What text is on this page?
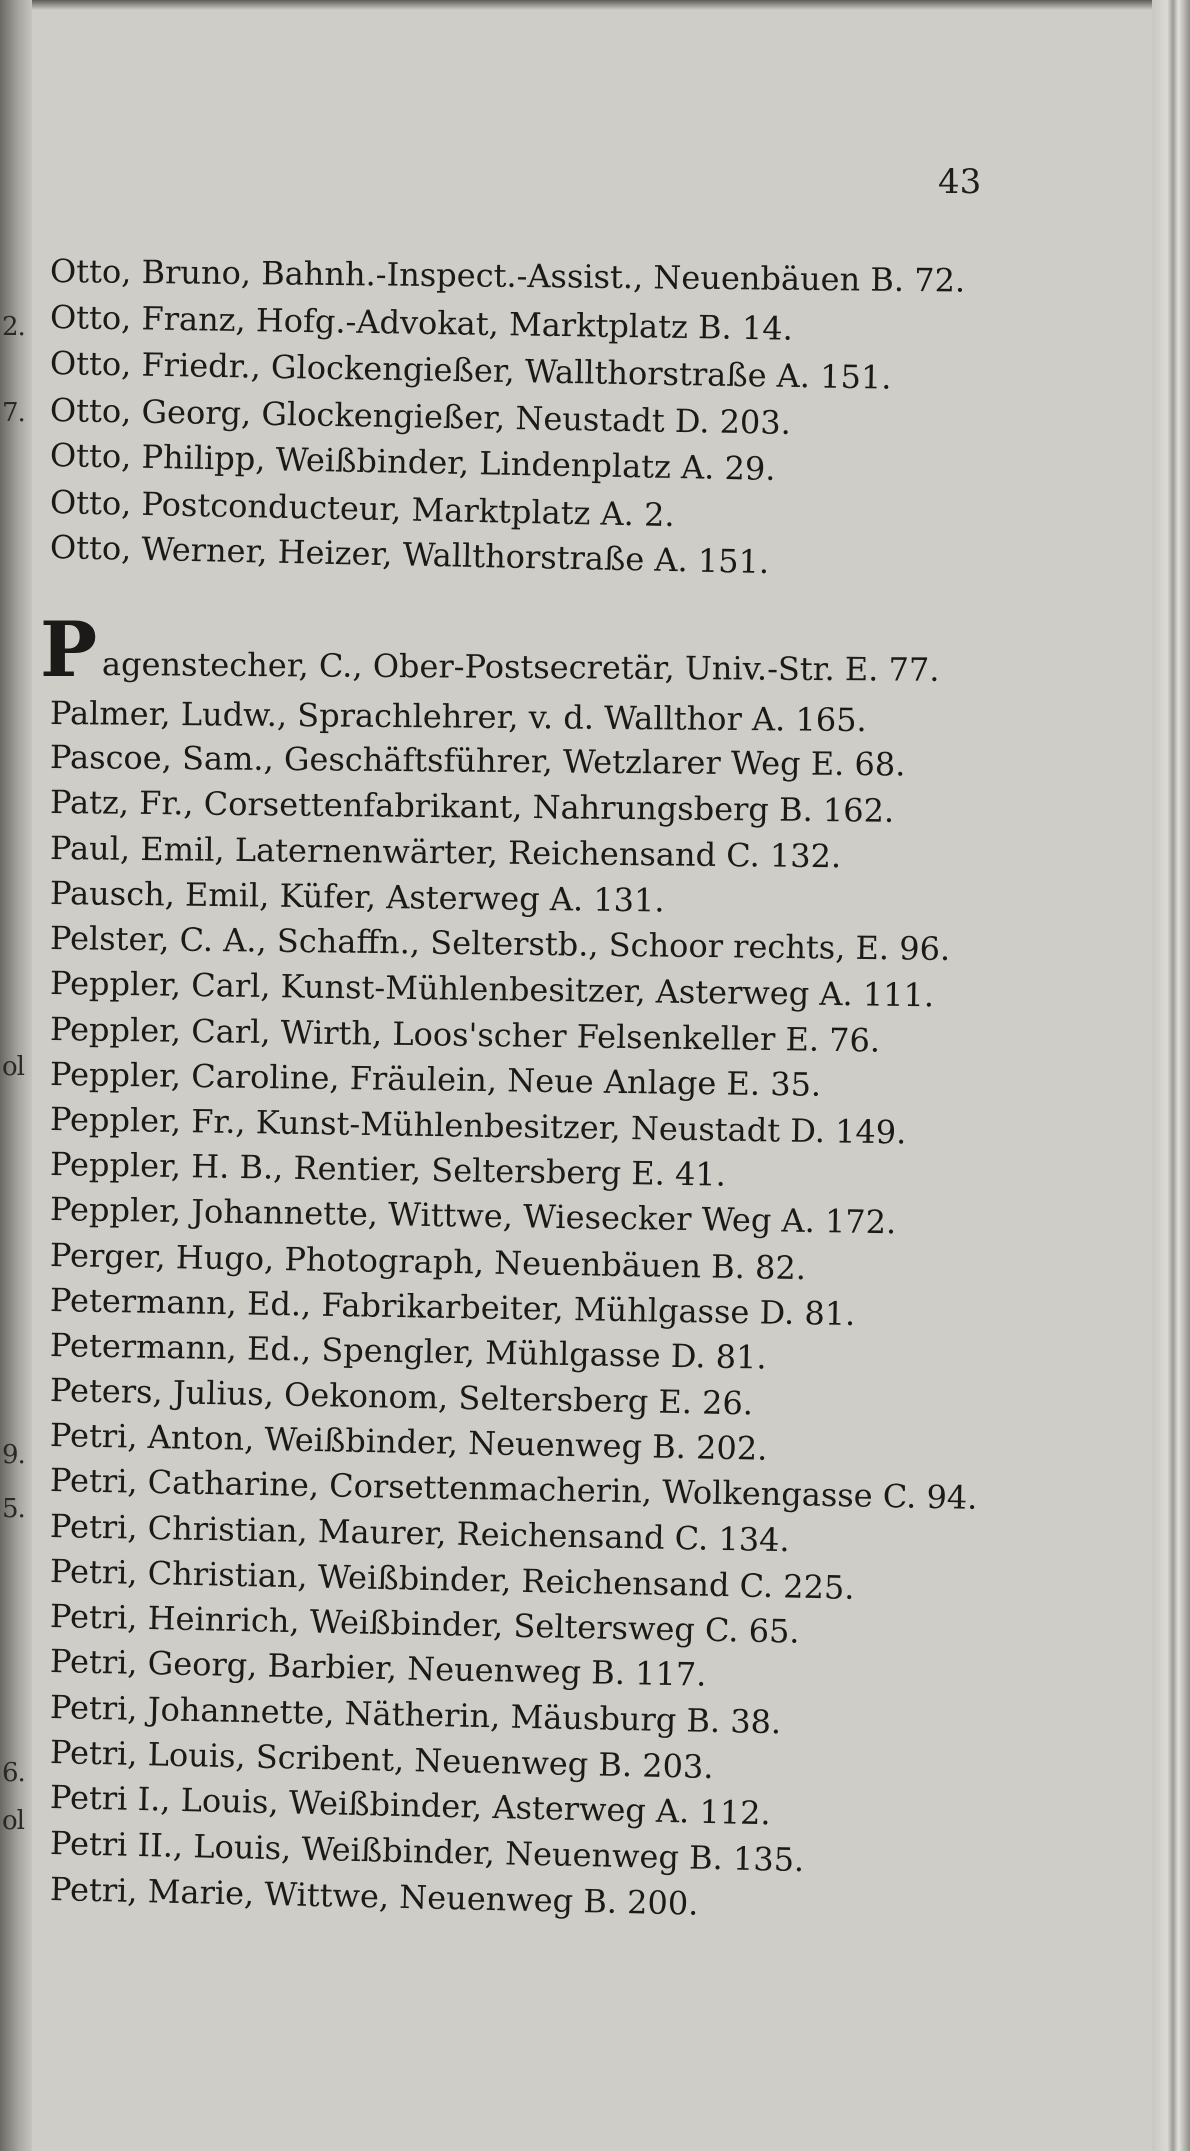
2.
7.
ol
9.
5.
6.
ol
43
Otto, Bruno, Bahnh.-Inspect.-Assist., Neuenbäuen B. 72.
Otto, Franz, Hofg.-Advokat, Marktplatz B. 14.
Otto, Friedr., Glockengießer, Wallthorstraße A. 151.
Otto, Georg, Glockengießer, Neustadt D. 203.
Otto, Philipp, Weißbinder, Lindenplatz A. 29.
Otto, Postconducteur, Marktplatz A. 2.
Otto, Werner, Heizer, Wallthorstraße A. 151.
P agenstecher, C., Ober-Postsecretär, Univ.-Str. E. 77.
Palmer, Ludw., Sprachlehrer, v. d. Wallthor A. 165.
Pascoe, Sam., Geschäftsführer, Wetzlarer Weg E. 68.
Patz, Fr., Corsettenfabrikant, Nahrungsberg B. 162.
Paul, Emil, Laternenwärter, Reichensand C. 132.
Pausch, Emil, Küfer, Asterweg A. 131.
Pelster, C. A., Schaffn., Selterstb., Schoor rechts, E. 96.
Peppler, Carl, Kunst-Mühlenbesitzer, Asterweg A. 111.
Peppler, Carl, Wirth, Loos'scher Felsenkeller E. 76.
Peppler, Caroline, Fräulein, Neue Anlage E. 35.
Peppler, Fr., Kunst-Mühlenbesitzer, Neustadt D. 149.
Peppler, H. B., Rentier, Seltersberg E. 41.
Peppler, Johannette, Wittwe, Wiesecker Weg A. 172.
Perger, Hugo, Photograph, Neuenbäuen B. 82.
Petermann, Ed., Fabrikarbeiter, Mühlgasse D. 81.
Petermann, Ed., Spengler, Mühlgasse D. 81.
Peters, Julius, Oekonom, Seltersberg E. 26.
Petri, Anton, Weißbinder, Neuenweg B. 202.
Petri, Catharine, Corsettenmacherin, Wolkengasse C. 94.
Petri, Christian, Maurer, Reichensand C. 134.
Petri, Christian, Weißbinder, Reichensand C. 225.
Petri, Heinrich, Weißbinder, Seltersweg C. 65.
Petri, Georg, Barbier, Neuenweg B. 117.
Petri, Johannette, Nätherin, Mäusburg B. 38.
Petri, Louis, Scribent, Neuenweg B. 203.
Petri I., Louis, Weißbinder, Asterweg A. 112.
Petri II., Louis, Weißbinder, Neuenweg B. 135.
Petri, Marie, Wittwe, Neuenweg B. 200.
